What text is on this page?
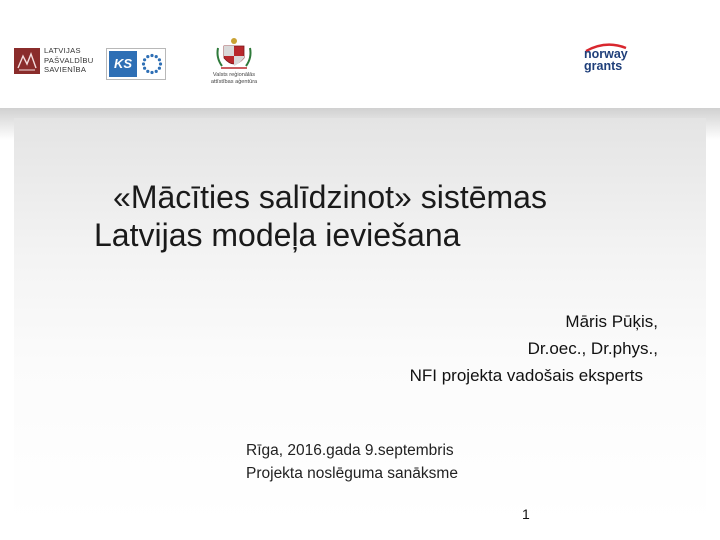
LATVIJAS
PAŠVALDĪBU
SAVIENĪBA	KS
Valsts reģionālās
attīstības aģentūra
norway
grants
«Mācīties salīdzinot» sistēmas
Latvijas modeļa ieviešana
Māris Pūķis,
Dr.oec., Dr.phys.,
NFI projekta vadošais eksperts
Rīga, 2016.gada 9.septembris
Projekta noslēguma sanāksme
1
